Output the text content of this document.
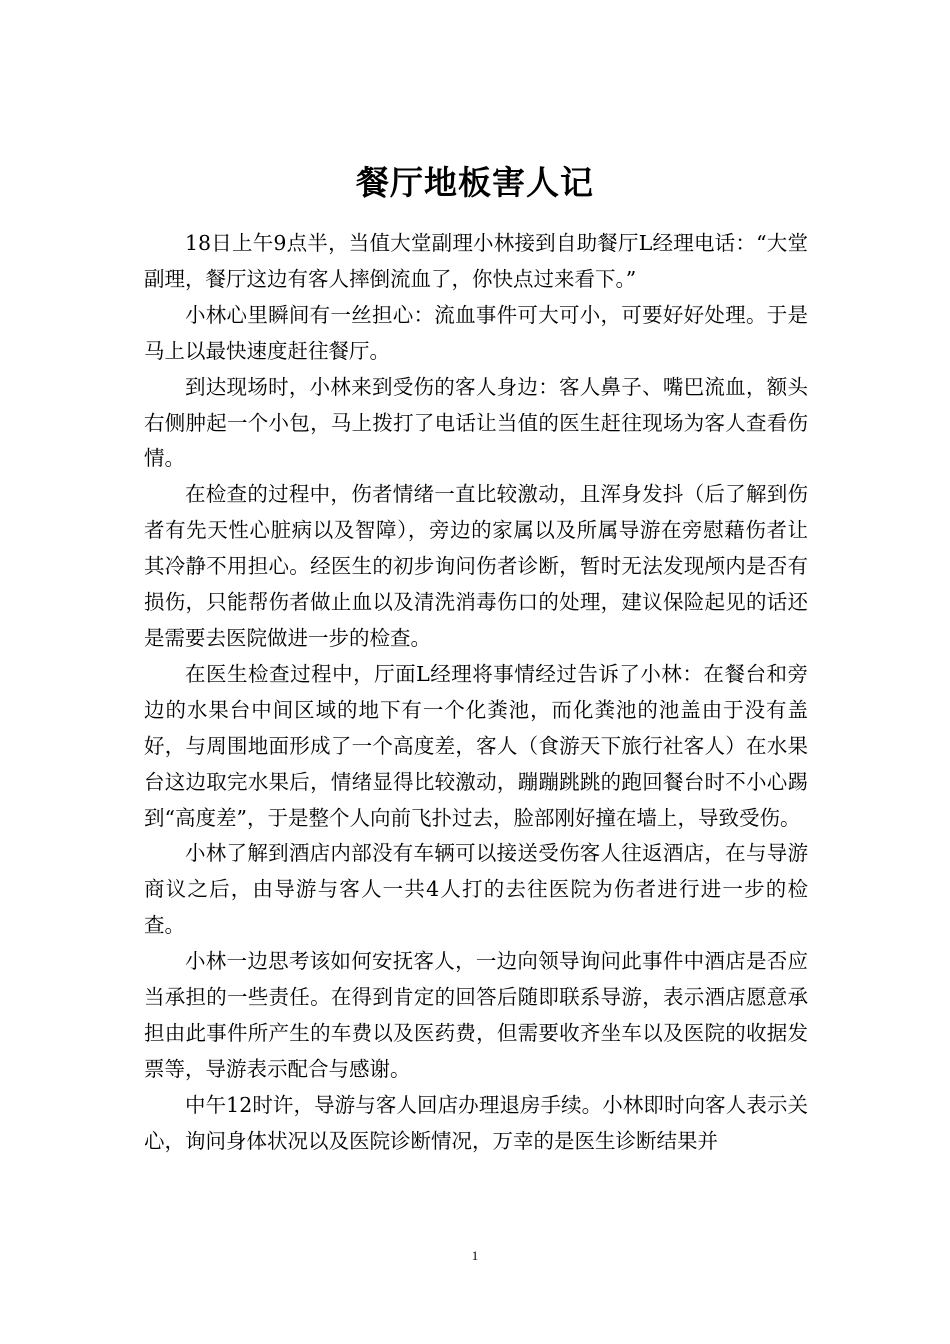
餐厅地板害人记

18日上午9点半，当值大堂副理小林接到自助餐厅L经理电话：“大堂副理，餐厅这边有客人摔倒流血了，你快点过来看下。”

小林心里瞬间有一丝担心：流血事件可大可小，可要好好处理。于是马上以最快速度赶往餐厅。

到达现场时，小林来到受伤的客人身边：客人鼻子、嘴巴流血，额头右侧肿起一个小包，马上拨打了电话让当值的医生赶往现场为客人查看伤情。

在检查的过程中，伤者情绪一直比较激动，且浑身发抖（后了解到伤者有先天性心脏病以及智障），旁边的家属以及所属导游在旁慰藉伤者让其冷静不用担心。经医生的初步询问伤者诊断，暂时无法发现颅内是否有损伤，只能帮伤者做止血以及清洗消毒伤口的处理，建议保险起见的话还是需要去医院做进一步的检查。

在医生检查过程中，厅面L经理将事情经过告诉了小林：在餐台和旁边的水果台中间区域的地下有一个化粪池，而化粪池的池盖由于没有盖好，与周围地面形成了一个高度差，客人（食游天下旅行社客人）在水果台这边取完水果后，情绪显得比较激动，蹦蹦跳跳的跑回餐台时不小心踢到“高度差”，于是整个人向前飞扑过去，脸部刚好撞在墙上，导致受伤。

小林了解到酒店内部没有车辆可以接送受伤客人往返酒店，在与导游商议之后，由导游与客人一共4人打的去往医院为伤者进行进一步的检查。

小林一边思考该如何安抚客人，一边向领导询问此事件中酒店是否应当承担的一些责任。在得到肯定的回答后随即联系导游，表示酒店愿意承担由此事件所产生的车费以及医药费，但需要收齐坐车以及医院的收据发票等，导游表示配合与感谢。

中午12时许，导游与客人回店办理退房手续。小林即时向客人表示关心，询问身体状况以及医院诊断情况，万幸的是医生诊断结果并

1
